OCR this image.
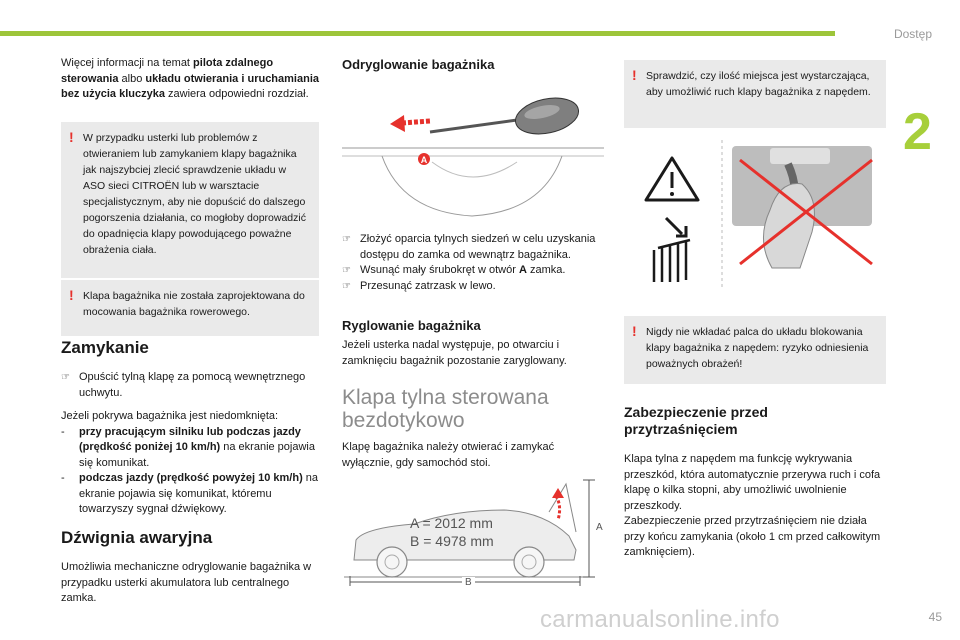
Dostęp
2

Więcej informacji na temat pilota zdalnego sterowania albo układu otwierania i uruchamiania bez użycia kluczyka zawiera odpowiedni rozdział.

! W przypadku usterki lub problemów z otwieraniem lub zamykaniem klapy bagażnika jak najszybciej zlecić sprawdzenie układu w ASO sieci CITROËN lub w warsztacie specjalistycznym, aby nie dopuścić do dalszego pogorszenia działania, co mogłoby doprowadzić do opadnięcia klapy powodującego poważne obrażenia ciała.
! Klapa bagażnika nie została zaprojektowana do mocowania bagażnika rowerowego.
Zamykanie
☞ Opuścić tylną klapę za pomocą wewnętrznego uchwytu.

Jeżeli pokrywa bagażnika jest niedomknięta:

- przy pracującym silniku lub podczas jazdy (prędkość poniżej 10 km/h) na ekranie pojawia się komunikat.
- podczas jazdy (prędkość powyżej 10 km/h) na ekranie pojawia się komunikat, któremu towarzyszy sygnał dźwiękowy.
Dźwignia awaryjna

Umożliwia mechaniczne odryglowanie bagażnika w przypadku usterki akumulatora lub centralnego zamka.

Odryglowanie bagażnika
A
☞ Złożyć oparcia tylnych siedzeń w celu uzyskania dostępu do zamka od wewnątrz bagażnika.
☞ Wsunąć mały śrubokręt w otwór A zamka.
☞ Przesunąć zatrzask w lewo.
Ryglowanie bagażnika

Jeżeli usterka nadal występuje, po otwarciu i zamknięciu bagażnik pozostanie zaryglowany.

Klapa tylna sterowana bezdotykowo

Klapę bagażnika należy otwierać i zamykać wyłącznie, gdy samochód stoi.

A = 2012 mm
B = 4978 mm
A
B
! Sprawdzić, czy ilość miejsca jest wystarczająca, aby umożliwić ruch klapy bagażnika z napędem.
! Nigdy nie wkładać palca do układu blokowania klapy bagażnika z napędem: ryzyko odniesienia poważnych obrażeń!
Zabezpieczenie przed przytrzaśnięciem

Klapa tylna z napędem ma funkcję wykrywania przeszkód, która automatycznie przerywa ruch i cofa klapę o kilka stopni, aby umożliwić uwolnienie przeszkody.

Zabezpieczenie przed przytrzaśnięciem nie działa przy końcu zamykania (około 1 cm przed całkowitym zamknięciem).

carmanualsonline.info	45
